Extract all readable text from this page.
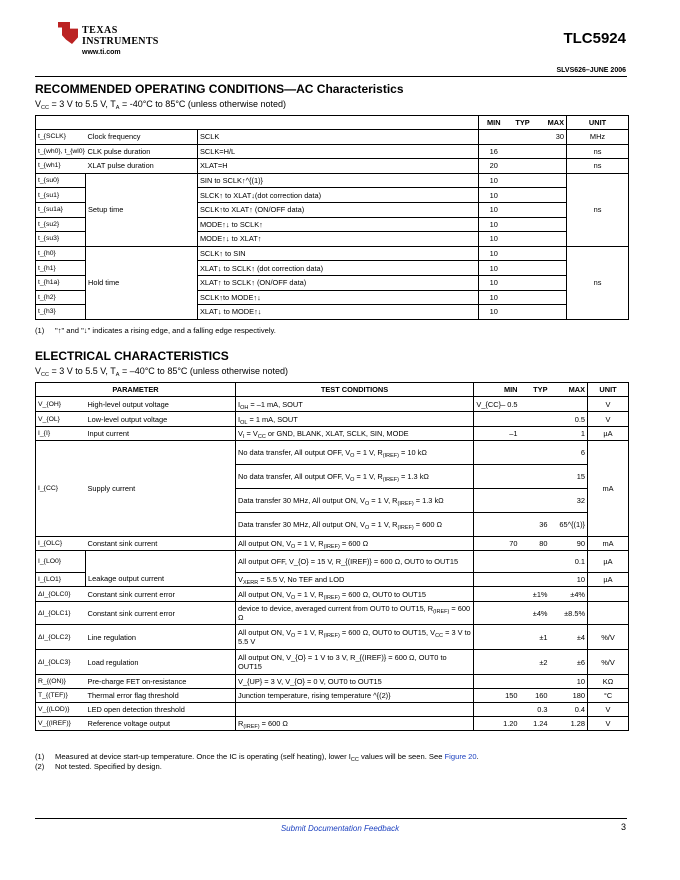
TEXAS
INSTRUMENTS
www.ti.com
TLC5924
SLVS626–JUNE 2006
RECOMMENDED OPERATING CONDITIONS—AC Characteristics
$V_{CC} = 3$ V to 5.5 V, $T_A = -40^\circ C$ to 85°C (unless otherwise noted)
			MIN	TYP	MAX	UNIT
t_{SCLK}	Clock frequency	SCLK			30	MHz
t_{wh0}, t_{wl0}	CLK pulse duration	SCLK=H/L	16			ns
t_{wh1}	XLAT pulse duration	XLAT=H	20			ns
t_{su0}	Setup time	SIN to SCLK↑^{(1)}	10			ns
t_{su1}		SLCK↑ to XLAT↓(dot correction data)	10			
t_{su1a}		SCLK↑to XLAT↑ (ON/OFF data)	10			
t_{su2}		MODE↑↓ to SCLK↑	10			
t_{su3}		MODE↑↓ to XLAT↑	10			
t_{h0}	Hold time	SCLK↑ to SIN	10			ns
t_{h1}		XLAT↓ to SCLK↑ (dot correction data)	10			
t_{h1a}		XLAT↑ to SCLK↑ (ON/OFF data)	10			
t_{h2}		SCLK↑to MODE↑↓	10			
t_{h3}		XLAT↓ to MODE↑↓	10			
(1) "↑" and "↓" indicates a rising edge, and a falling edge respectively.
ELECTRICAL CHARACTERISTICS
$V_{CC} = 3$ V to 5.5 V, $T_A = -40^\circ C$ to 85°C (unless otherwise noted)
PARAMETER		TEST CONDITIONS	MIN	TYP	MAX	UNIT
V_{OH}	High-level output voltage	$I_{OH} = -1$ mA, SOUT	V_{CC}– 0.5			V
V_{OL}	Low-level output voltage	$I_{OL} = 1$ mA, SOUT			0.5	V
I_{I}	Input current	$V_I = V_{CC}$ or GND, BLANK, XLAT, SCLK, SIN, MODE	–1		1	µA
I_{CC}	Supply current	No data transfer, All output OFF, $V_O = 1$ V, $R_{(IREF)} = 10$ kΩ			6	mA
		No data transfer, All output OFF, $V_O = 1$ V, $R_{(IREF)} = 1.3$ kΩ			15	
		Data transfer 30 MHz, All output ON, $V_O = 1$ V, $R_{(IREF)} = 1.3$ kΩ			32	
		Data transfer 30 MHz, All output ON, $V_O = 1$ V, $R_{(IREF)} = 600$ Ω		36	65^{(1)}	
I_{OLC}	Constant sink current	All output ON, $V_O = 1$ V, $R_{(IREF)} = 600$ Ω	70	80	90	mA
I_{LO0}	Leakage output current	All output OFF, V_{O} = 15 V, R_{(IREF)} = 600 Ω, OUT0 to OUT15			0.1	µA
I_{LO1}		$V_{XERR} = 5.5$ V, No TEF and LOD			10	µA
ΔI_{OLC0}	Constant sink current error	All output ON, $V_O = 1$ V, $R_{(IREF)} = 600$ Ω, OUT0 to OUT15		±1%	±4%	
ΔI_{OLC1}	Constant sink current error	device to device, averaged current from OUT0 to OUT15, $R_{(IREF)} = 600$ Ω		±4%	±8.5%	
ΔI_{OLC2}	Line regulation	All output ON, $V_O = 1$ V, $R_{(IREF)} = 600$ Ω, OUT0 to OUT15, $V_{CC} = 3$ V to 5.5 V		±1	±4	%/V
ΔI_{OLC3}	Load regulation	All output ON, V_{O} = 1 V to 3 V, R_{(IREF)} = 600 Ω, OUT0 to OUT15		±2	±6	%/V
R_{(ON)}	Pre-charge FET on-resistance	V_{UP} = 3 V, V_{O} = 0 V, OUT0 to OUT15			10	KΩ
T_{(TEF)}	Thermal error flag threshold	Junction temperature, rising temperature ^{(2)}	150	160	180	°C
V_{(LOD)}	LED open detection threshold			0.3	0.4	V
V_{(IREF)}	Reference voltage output	$R_{(IREF)} = 600$ Ω	1.20	1.24	1.28	V
(1) Measured at device start-up temperature. Once the IC is operating (self heating), lower $I_{CC}$ values will be seen. See Figure 20.
(2) Not tested. Specified by design.
Submit Documentation Feedback	3
